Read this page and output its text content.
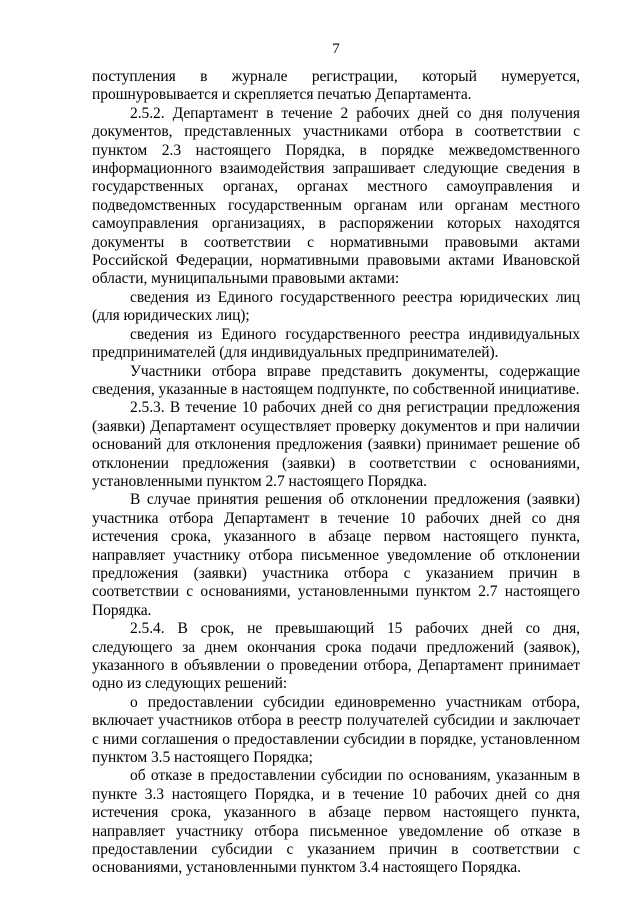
7

поступления в журнале регистрации, который нумеруется, прошнуровывается и скрепляется печатью Департамента.

2.5.2. Департамент в течение 2 рабочих дней со дня получения документов, представленных участниками отбора в соответствии с пунктом 2.3 настоящего Порядка, в порядке межведомственного информационного взаимодействия запрашивает следующие сведения в государственных органах, органах местного самоуправления и подведомственных государственным органам или органам местного самоуправления организациях, в распоряжении которых находятся документы в соответствии с нормативными правовыми актами Российской Федерации, нормативными правовыми актами Ивановской области, муниципальными правовыми актами:

сведения из Единого государственного реестра юридических лиц (для юридических лиц);

сведения из Единого государственного реестра индивидуальных предпринимателей (для индивидуальных предпринимателей).

Участники отбора вправе представить документы, содержащие сведения, указанные в настоящем подпункте, по собственной инициативе.

2.5.3. В течение 10 рабочих дней со дня регистрации предложения (заявки) Департамент осуществляет проверку документов и при наличии оснований для отклонения предложения (заявки) принимает решение об отклонении предложения (заявки) в соответствии с основаниями, установленными пунктом 2.7 настоящего Порядка.

В случае принятия решения об отклонении предложения (заявки) участника отбора Департамент в течение 10 рабочих дней со дня истечения срока, указанного в абзаце первом настоящего пункта, направляет участнику отбора письменное уведомление об отклонении предложения (заявки) участника отбора с указанием причин в соответствии с основаниями, установленными пунктом 2.7 настоящего Порядка.

2.5.4. В срок, не превышающий 15 рабочих дней со дня, следующего за днем окончания срока подачи предложений (заявок), указанного в объявлении о проведении отбора, Департамент принимает одно из следующих решений:

о предоставлении субсидии единовременно участникам отбора, включает участников отбора в реестр получателей субсидии и заключает с ними соглашения о предоставлении субсидии в порядке, установленном пунктом 3.5 настоящего Порядка;

об отказе в предоставлении субсидии по основаниям, указанным в пункте 3.3 настоящего Порядка, и в течение 10 рабочих дней со дня истечения срока, указанного в абзаце первом настоящего пункта, направляет участнику отбора письменное уведомление об отказе в предоставлении субсидии с указанием причин в соответствии с основаниями, установленными пунктом 3.4 настоящего Порядка.
